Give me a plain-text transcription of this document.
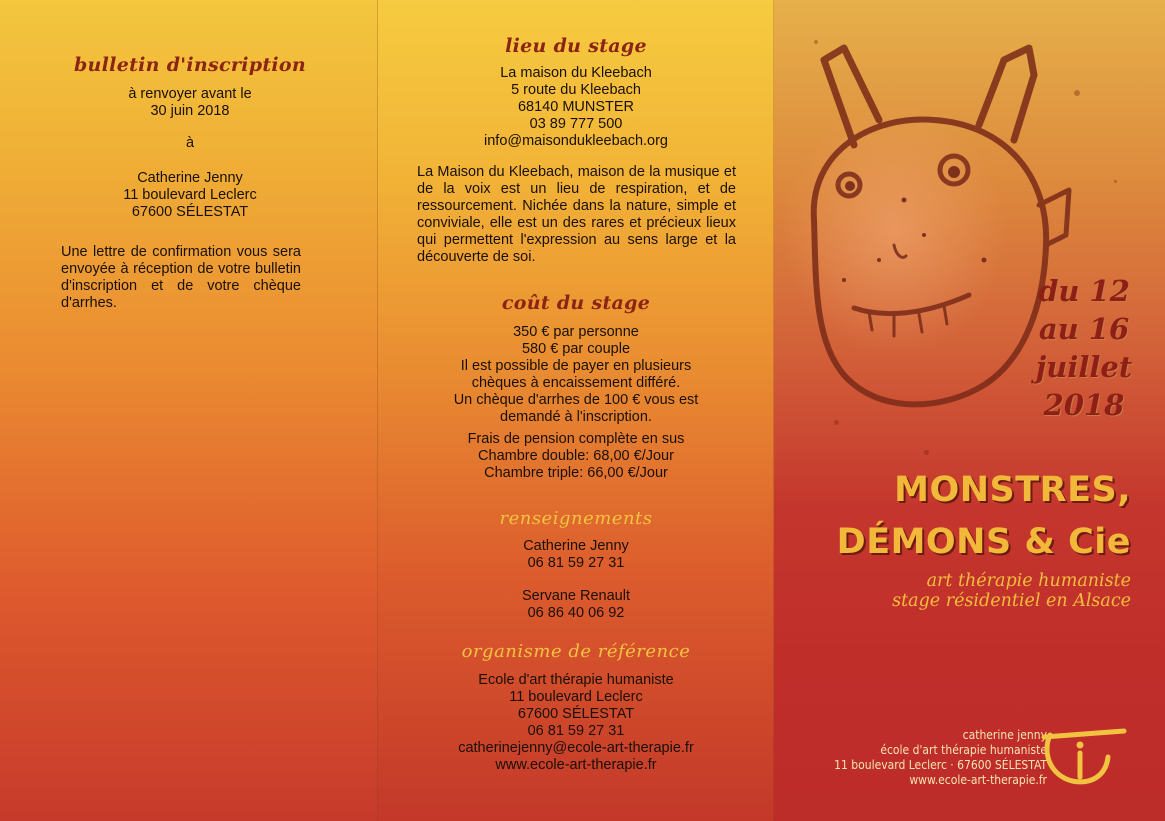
bulletin d'inscription
à renvoyer avant le
30 juin 2018
à
Catherine Jenny
11 boulevard Leclerc
67600 SÉLESTAT
Une lettre de confirmation vous sera envoyée à réception de votre bulletin d'inscription et de votre chèque d'arrhes.
lieu du stage
La maison du Kleebach
5 route du Kleebach
68140 MUNSTER
03 89 777 500
info@maisondukleebach.org
La Maison du Kleebach, maison de la musique et de la voix est un lieu de respiration, et de ressourcement. Nichée dans la nature, simple et conviviale, elle est un des rares et précieux lieux qui permettent l'expression au sens large et la découverte de soi.
coût du stage
350 € par personne
580 € par couple
Il est possible de payer en plusieurs
chèques à encaissement différé.
Un chèque d'arrhes de 100 € vous est
demandé à l'inscription.
Frais de pension complète en sus
Chambre double: 68,00 €/Jour
Chambre triple: 66,00 €/Jour
renseignements
Catherine Jenny
06 81 59 27 31
Servane Renault
06 86 40 06 92
organisme de référence
Ecole d'art thérapie humaniste
11 boulevard Leclerc
67600 SÉLESTAT
06 81 59 27 31
catherinejenny@ecole-art-therapie.fr
www.ecole-art-therapie.fr
du 12
au 16
juillet
2018
MONSTRES,
DÉMONS & Cie
art thérapie humaniste
stage résidentiel en Alsace
catherine jenny
école d'art thérapie humaniste
11 boulevard Leclerc · 67600 SÉLESTAT
www.ecole-art-therapie.fr
